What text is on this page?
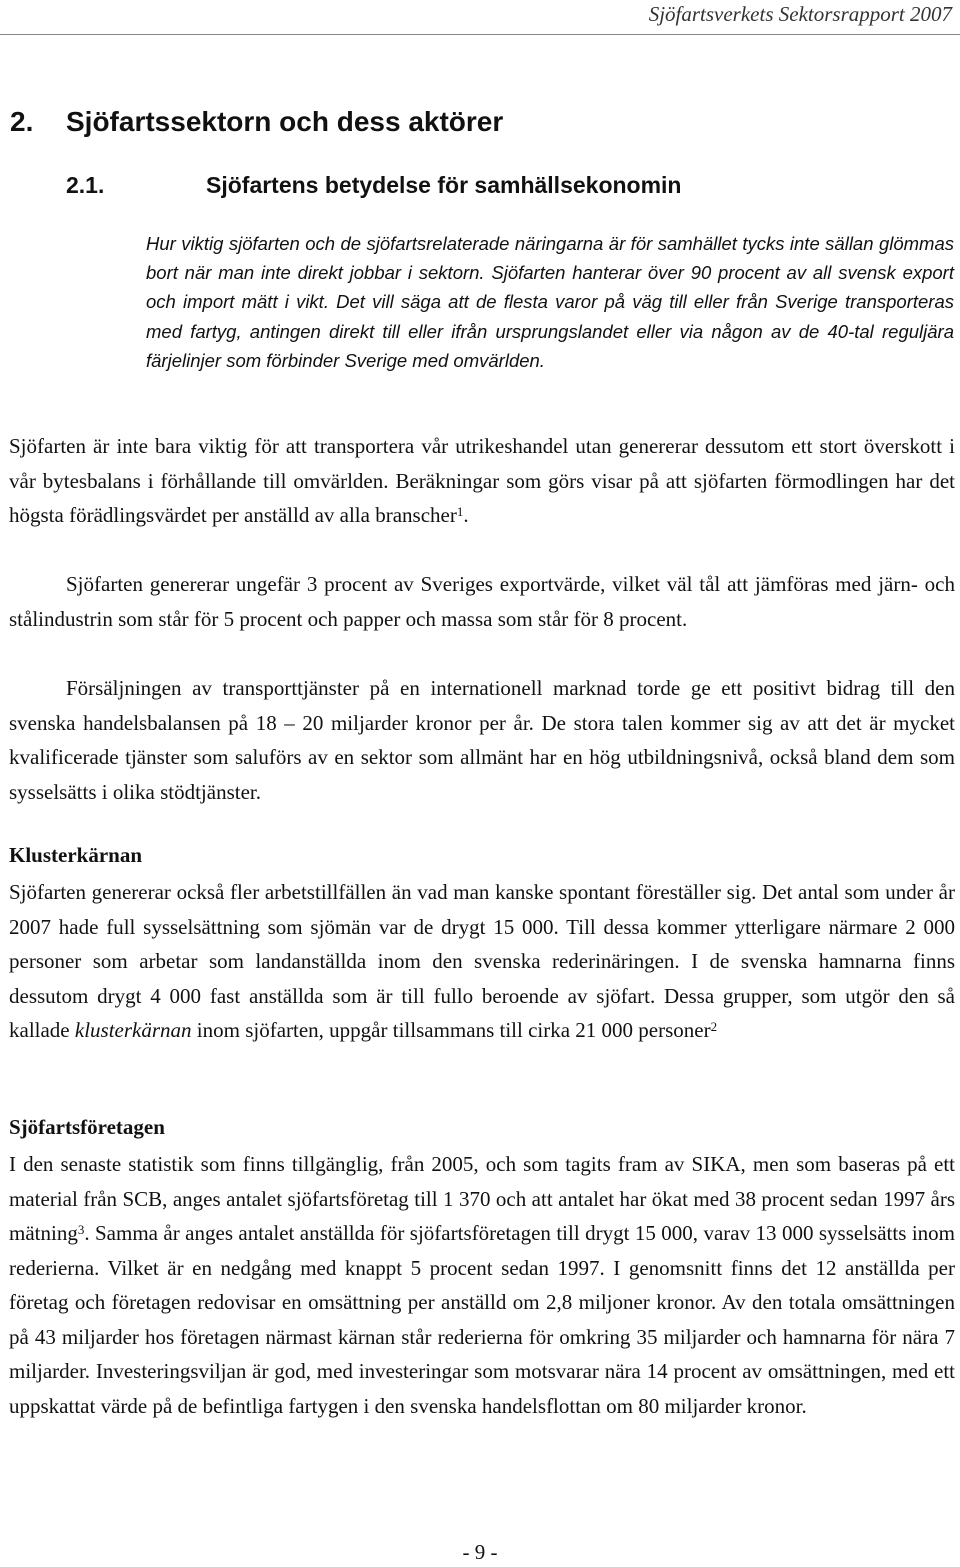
Sjöfartsverkets Sektorsrapport 2007
2. Sjöfartssektorn och dess aktörer
2.1.	Sjöfartens betydelse för samhällsekonomin
Hur viktig sjöfarten och de sjöfartsrelaterade näringarna är för samhället tycks inte sällan glömmas bort när man inte direkt jobbar i sektorn. Sjöfarten hanterar över 90 procent av all svensk export och import mätt i vikt. Det vill säga att de flesta varor på väg till eller från Sverige transporteras med fartyg, antingen direkt till eller ifrån ursprungslandet eller via någon av de 40-tal reguljära färjelinjer som förbinder Sverige med omvärlden.

Sjöfarten är inte bara viktig för att transportera vår utrikeshandel utan genererar dessutom ett stort överskott i vår bytesbalans i förhållande till omvärlden. Beräkningar som görs visar på att sjöfarten förmodlingen har det högsta förädlingsvärdet per anställd av alla branscher$^1$.

Sjöfarten genererar ungefär 3 procent av Sveriges exportvärde, vilket väl tål att jämföras med järn- och stålindustrin som står för 5 procent och papper och massa som står för 8 procent.

Försäljningen av transporttjänster på en internationell marknad torde ge ett positivt bidrag till den svenska handelsbalansen på 18 – 20 miljarder kronor per år. De stora talen kommer sig av att det är mycket kvalificerade tjänster som saluförs av en sektor som allmänt har en hög utbildningsnivå, också bland dem som sysselsätts i olika stödtjänster.

Klusterkärnan

Sjöfarten genererar också fler arbetstillfällen än vad man kanske spontant föreställer sig. Det antal som under år 2007 hade full sysselsättning som sjömän var de drygt 15 000. Till dessa kommer ytterligare närmare 2 000 personer som arbetar som landanställda inom den svenska rederinäringen. I de svenska hamnarna finns dessutom drygt 4 000 fast anställda som är till fullo beroende av sjöfart. Dessa grupper, som utgör den så kallade klusterkärnan inom sjöfarten, uppgår tillsammans till cirka 21 000 personer$^2$

Sjöfartsföretagen

I den senaste statistik som finns tillgänglig, från 2005, och som tagits fram av SIKA, men som baseras på ett material från SCB, anges antalet sjöfartsföretag till 1 370 och att antalet har ökat med 38 procent sedan 1997 års mätning$^3$. Samma år anges antalet anställda för sjöfartsföretagen till drygt 15 000, varav 13 000 sysselsätts inom rederierna. Vilket är en nedgång med knappt 5 procent sedan 1997. I genomsnitt finns det 12 anställda per företag och företagen redovisar en omsättning per anställd om 2,8 miljoner kronor. Av den totala omsättningen på 43 miljarder hos företagen närmast kärnan står rederierna för omkring 35 miljarder och hamnarna för nära 7 miljarder. Investeringsviljan är god, med investeringar som motsvarar nära 14 procent av omsättningen, med ett uppskattat värde på de befintliga fartygen i den svenska handelsflottan om 80 miljarder kronor.

- 9 -
